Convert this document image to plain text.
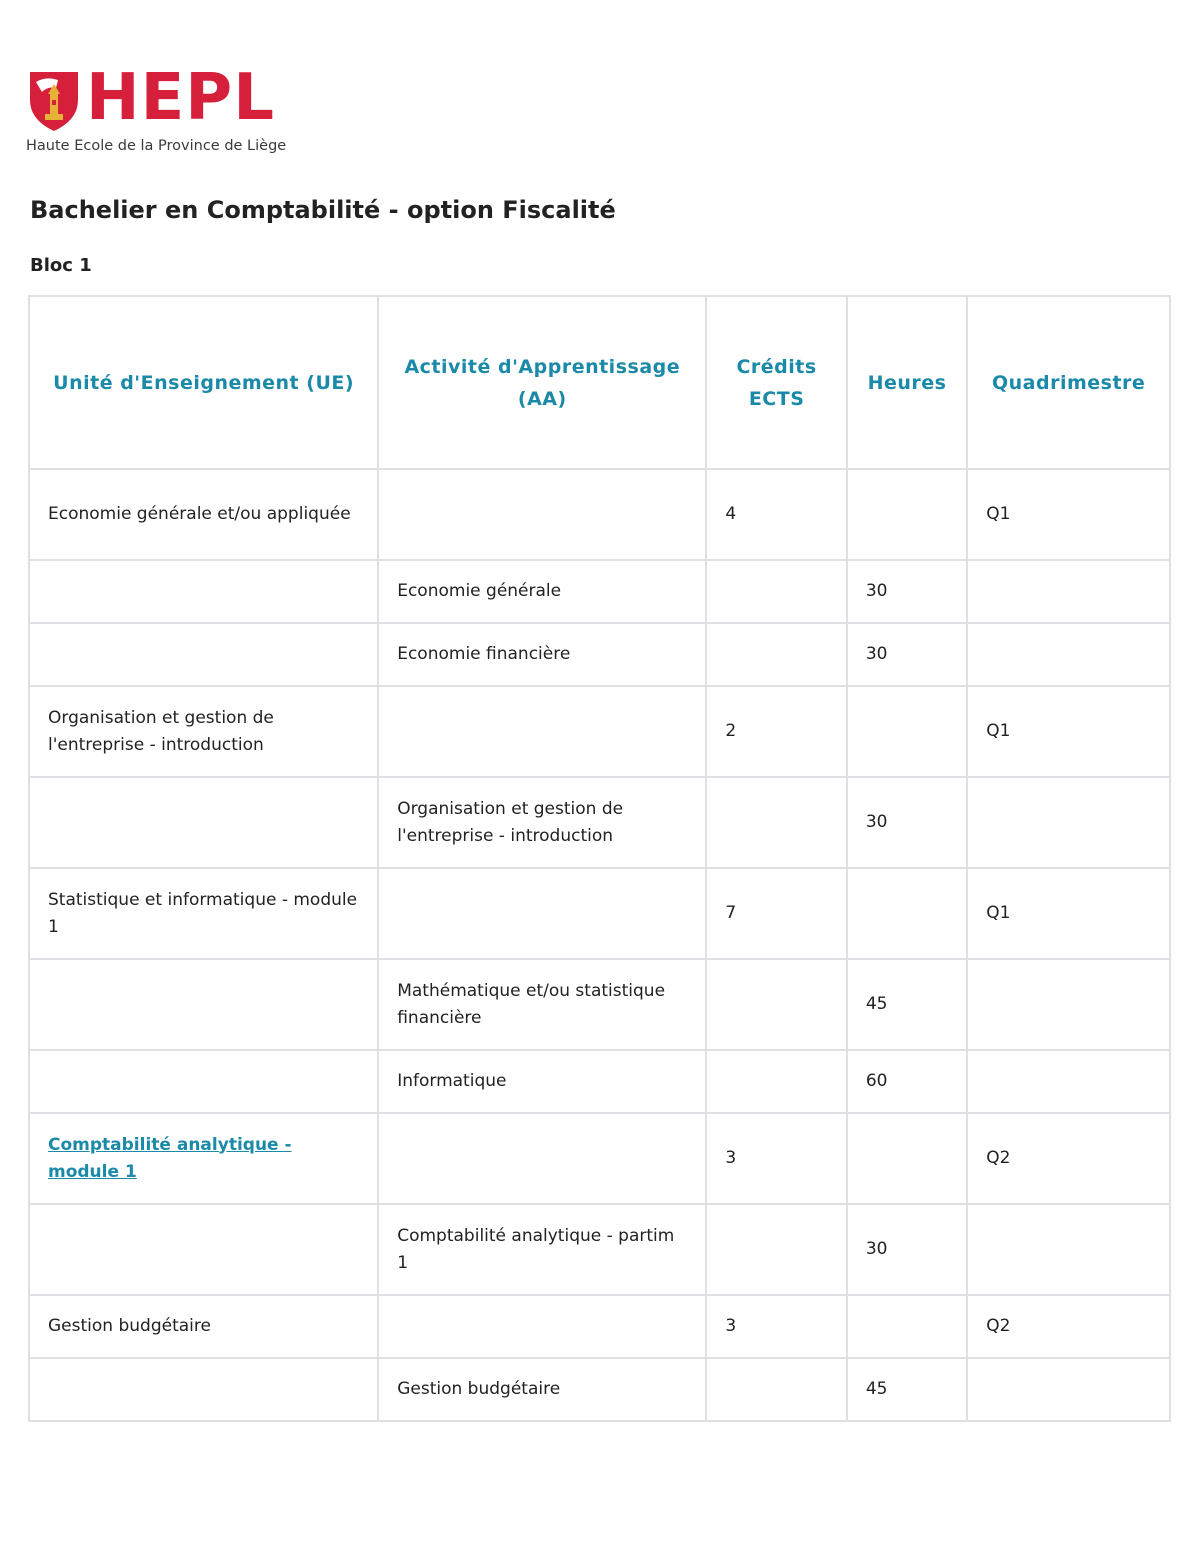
HEPL
Haute Ecole de la Province de Liège
Bachelier en Comptabilité - option Fiscalité
Bloc 1
Unité d'Enseignement (UE)	Activité d'Apprentissage (AA)	Crédits ECTS	Heures	Quadrimestre
Economie générale et/ou appliquée		4		Q1
	Economie générale		30	
	Economie financière		30	
Organisation et gestion de l'entreprise - introduction		2		Q1
	Organisation et gestion de l'entreprise - introduction		30	
Statistique et informatique - module 1		7		Q1
	Mathématique et/ou statistique financière		45	
	Informatique		60	
Comptabilité analytique - module 1		3		Q2
	Comptabilité analytique - partim 1		30	
Gestion budgétaire		3		Q2
	Gestion budgétaire		45	
